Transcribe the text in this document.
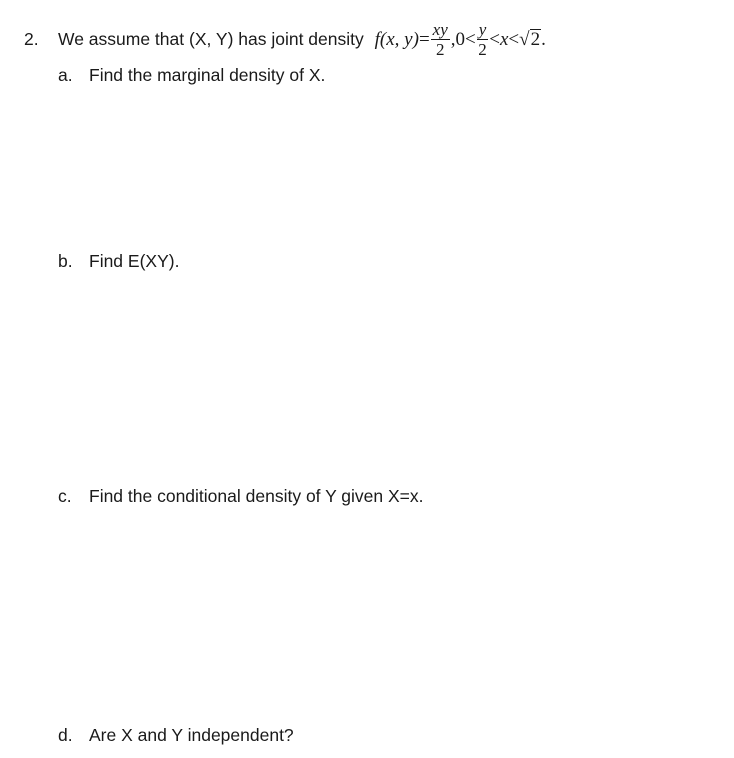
2. We assume that (X, Y) has joint density f(x, $y)= \frac{xy}{2} ,0< \frac{y}{2} <x<√2$.
a. Find the marginal density of X.
b. Find E(XY).
c. Find the conditional density of Y given X=x.
d. Are X and Y independent?
